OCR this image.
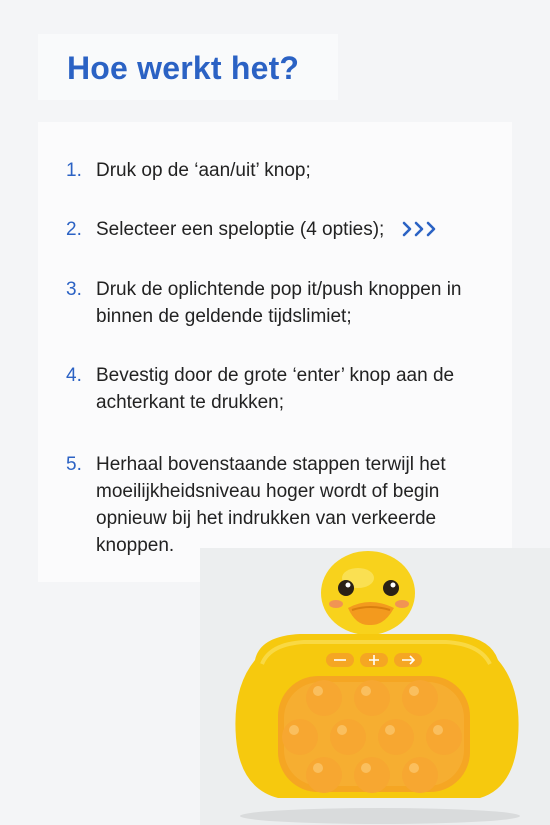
Hoe werkt het?
1. Druk op de ‘aan/uit’ knop;
2. Selecteer een speloptie (4 opties);
3. Druk de oplichtende pop it/push knoppen in binnen de geldende tijdslimiet;
4. Bevestig door de grote ‘enter’ knop aan de achterkant te drukken;
5. Herhaal bovenstaande stappen terwijl het moeilijkheidsniveau hoger wordt of begin opnieuw bij het indrukken van verkeerde knoppen.
